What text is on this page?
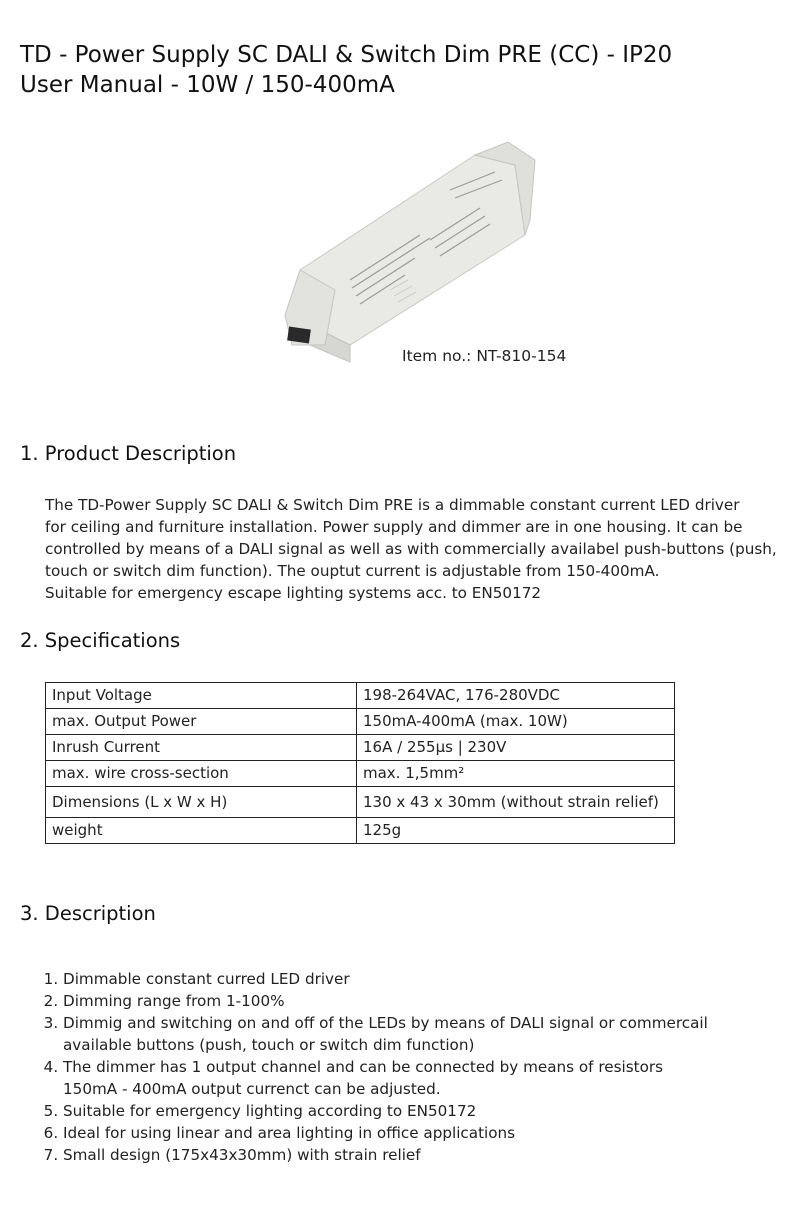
TD - Power Supply SC DALI & Switch Dim PRE (CC) - IP20
User Manual - 10W / 150-400mA
Item no.: NT-810-154
1. Product Description

The TD-Power Supply SC DALI & Switch Dim PRE is a dimmable constant current LED driver
for ceiling and furniture installation. Power supply and dimmer are in one housing. It can be
controlled by means of a DALI signal as well as with commercially availabel push-buttons (push,
touch or switch dim function). The ouptut current is adjustable from 150-400mA.
Suitable for emergency escape lighting systems acc. to EN50172

2. Specifications
Input Voltage	198-264VAC, 176-280VDC
max. Output Power	150mA-400mA (max. 10W)
Inrush Current	16A / 255µs | 230V
max. wire cross-section	max. 1,5mm²
Dimensions (L x W x H)	130 x 43 x 30mm (without strain relief)
weight	125g
3. Description
1. Dimmable constant curred LED driver
2. Dimming range from 1-100%
3. Dimmig and switching on and off of the LEDs by means of DALI signal or commercail
available buttons (push, touch or switch dim function)
4. The dimmer has 1 output channel and can be connected by means of resistors
150mA - 400mA output currenct can be adjusted.
5. Suitable for emergency lighting according to EN50172
6. Ideal for using linear and area lighting in office applications
7. Small design (175x43x30mm) with strain relief
